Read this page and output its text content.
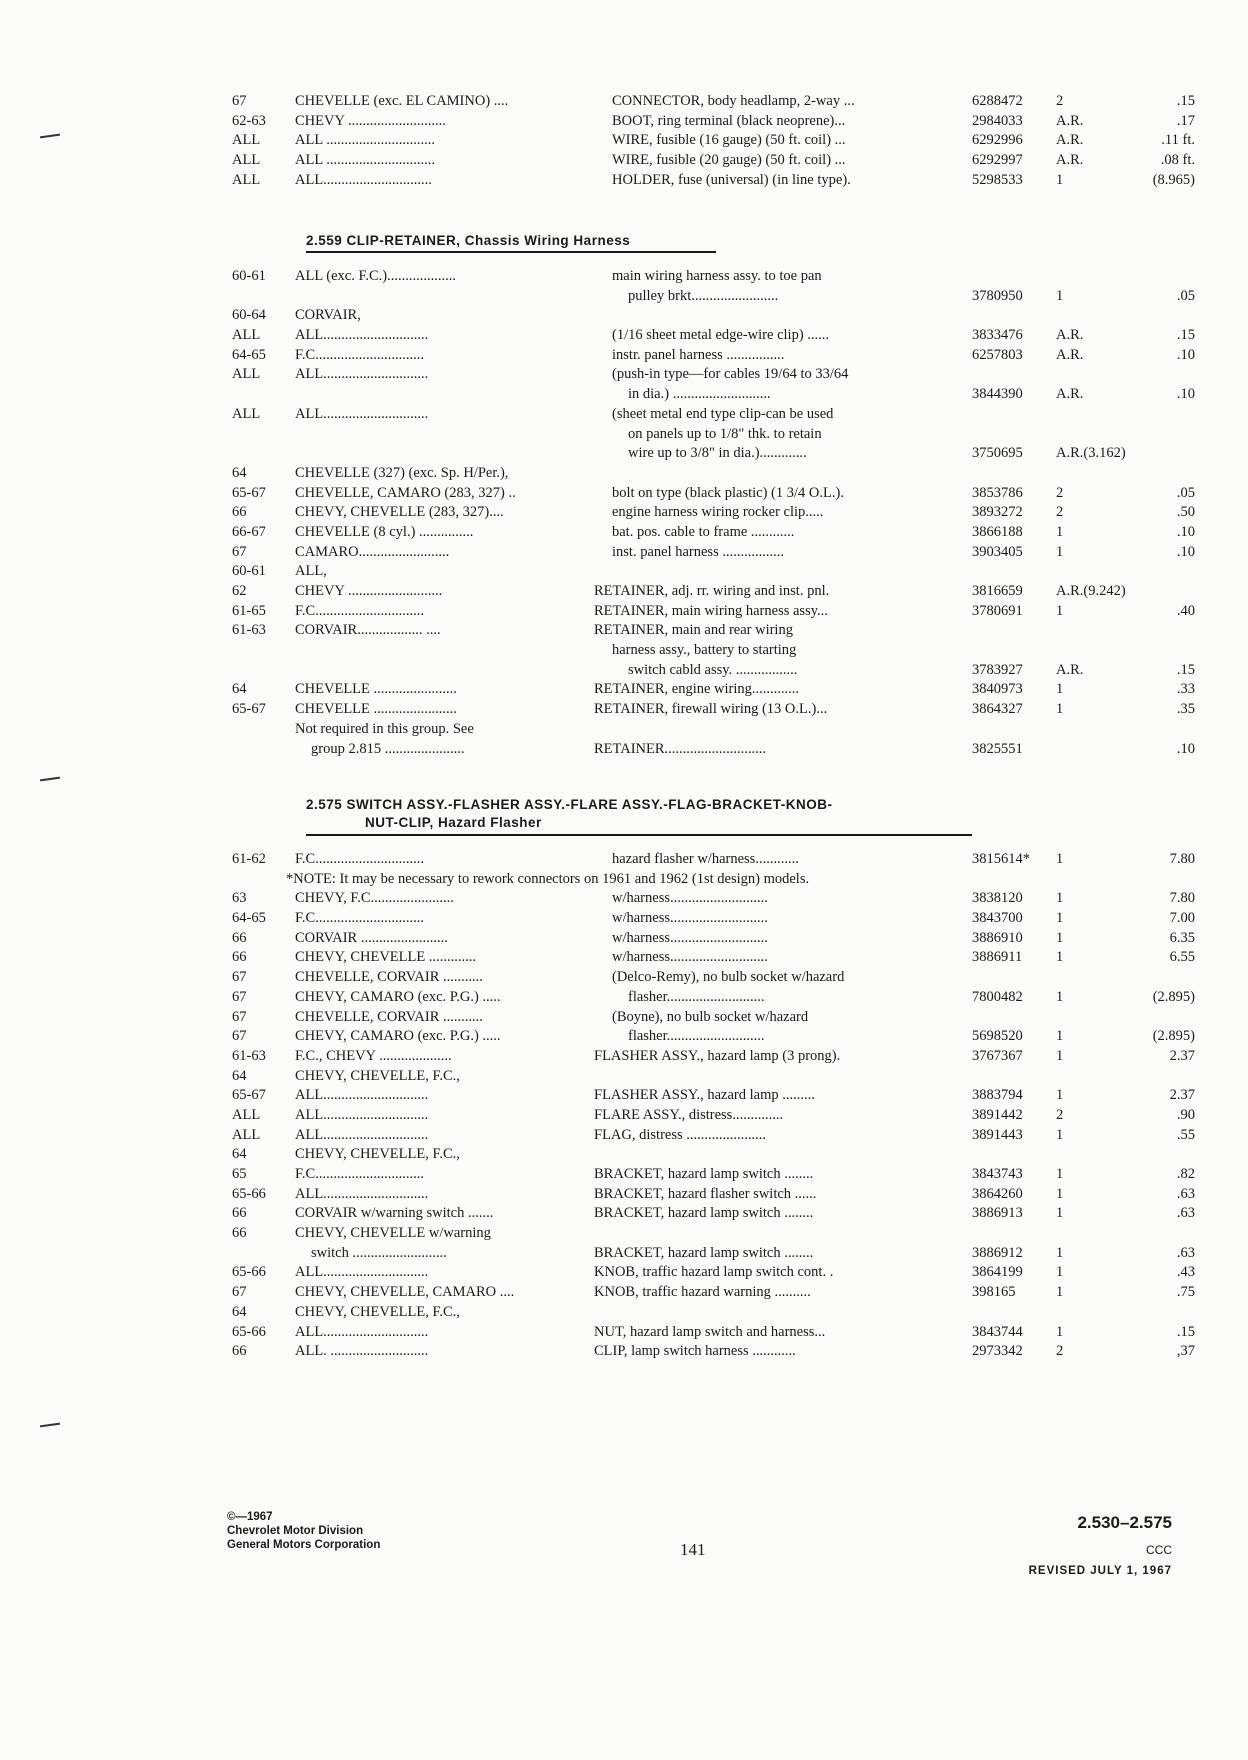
67	CHEVELLE (exc. EL CAMINO) ....	CONNECTOR, body headlamp, 2-way ...	6288472	2	.15
62-63	CHEVY ...........................	BOOT, ring terminal (black neoprene)...	2984033	A.R.	.17
ALL	ALL ..............................	WIRE, fusible (16 gauge) (50 ft. coil) ...	6292996	A.R.	.11 ft.
ALL	ALL ..............................	WIRE, fusible (20 gauge) (50 ft. coil) ...	6292997	A.R.	.08 ft.
ALL	ALL..............................	HOLDER, fuse (universal) (in line type).	5298533	1	(8.965)
2.559 CLIP-RETAINER, Chassis Wiring Harness
60-61	ALL (exc. F.C.)...................	main wiring harness assy. to toe pan
pulley brkt........................	3780950	1	.05
60-64	CORVAIR,
ALL	ALL.............................	(1/16 sheet metal edge-wire clip) ......	3833476	A.R.	.15
64-65	F.C..............................	instr. panel harness ................	6257803	A.R.	.10
ALL	ALL.............................	(push-in type—for cables 19/64 to 33/64
in dia.) ...........................	3844390	A.R.	.10
ALL	ALL.............................	(sheet metal end type clip-can be used
on panels up to 1/8" thk. to retain
wire up to 3/8" in dia.).............	3750695	A.R.(3.162)
64	CHEVELLE (327) (exc. Sp. H/Per.),
65-67	CHEVELLE, CAMARO (283, 327) ..	bolt on type (black plastic) (1 3/4 O.L.).	3853786	2	.05
66	CHEVY, CHEVELLE (283, 327)....	engine harness wiring rocker clip.....	3893272	2	.50
66-67	CHEVELLE (8 cyl.) ...............	bat. pos. cable to frame ............	3866188	1	.10
67	CAMARO.........................	inst. panel harness .................	3903405	1	.10
60-61	ALL,
62	CHEVY ..........................	RETAINER, adj. rr. wiring and inst. pnl.	3816659	A.R.(9.242)
61-65	F.C..............................	RETAINER, main wiring harness assy...	3780691	1	.40
61-63	CORVAIR.................. ....	RETAINER, main and rear wiring
harness assy., battery to starting
switch cabld assy. .................	3783927	A.R.	.15
64	CHEVELLE .......................	RETAINER, engine wiring.............	3840973	1	.33
65-67	CHEVELLE .......................	RETAINER, firewall wiring (13 O.L.)...	3864327	1	.35
Not required in this group. See
group 2.815 ......................	RETAINER............................	3825551	.10
2.575 SWITCH ASSY.-FLASHER ASSY.-FLARE ASSY.-FLAG-BRACKET-KNOB-
NUT-CLIP, Hazard Flasher
61-62	F.C..............................	hazard flasher w/harness............	3815614*	1	7.80
*NOTE: It may be necessary to rework connectors on 1961 and 1962 (1st design) models.
63	CHEVY, F.C.......................	w/harness...........................	3838120	1	7.80
64-65	F.C..............................	w/harness...........................	3843700	1	7.00
66	CORVAIR ........................	w/harness...........................	3886910	1	6.35
66	CHEVY, CHEVELLE .............	w/harness...........................	3886911	1	6.55
67	CHEVELLE, CORVAIR ...........	(Delco-Remy), no bulb socket w/hazard
67	CHEVY, CAMARO (exc. P.G.) .....	flasher...........................	7800482	1	(2.895)
67	CHEVELLE, CORVAIR ...........	(Boyne), no bulb socket w/hazard
67	CHEVY, CAMARO (exc. P.G.) .....	flasher...........................	5698520	1	(2.895)
61-63	F.C., CHEVY ....................	FLASHER ASSY., hazard lamp (3 prong).	3767367	1	2.37
64	CHEVY, CHEVELLE, F.C.,
65-67	ALL.............................	FLASHER ASSY., hazard lamp .........	3883794	1	2.37
ALL	ALL.............................	FLARE ASSY., distress..............	3891442	2	.90
ALL	ALL.............................	FLAG, distress ......................	3891443	1	.55
64	CHEVY, CHEVELLE, F.C.,
65	F.C..............................	BRACKET, hazard lamp switch ........	3843743	1	.82
65-66	ALL.............................	BRACKET, hazard flasher switch ......	3864260	1	.63
66	CORVAIR w/warning switch .......	BRACKET, hazard lamp switch ........	3886913	1	.63
66	CHEVY, CHEVELLE w/warning
switch ..........................	BRACKET, hazard lamp switch ........	3886912	1	.63
65-66	ALL.............................	KNOB, traffic hazard lamp switch cont. .	3864199	1	.43
67	CHEVY, CHEVELLE, CAMARO ....	KNOB, traffic hazard warning ..........	398165	1	.75
64	CHEVY, CHEVELLE, F.C.,
65-66	ALL.............................	NUT, hazard lamp switch and harness...	3843744	1	.15
66	ALL. ...........................	CLIP, lamp switch harness ............	2973342	2	,37
©—1967
Chevrolet Motor Division
General Motors Corporation	141
2.530–2.575
CCC
REVISED JULY 1, 1967
